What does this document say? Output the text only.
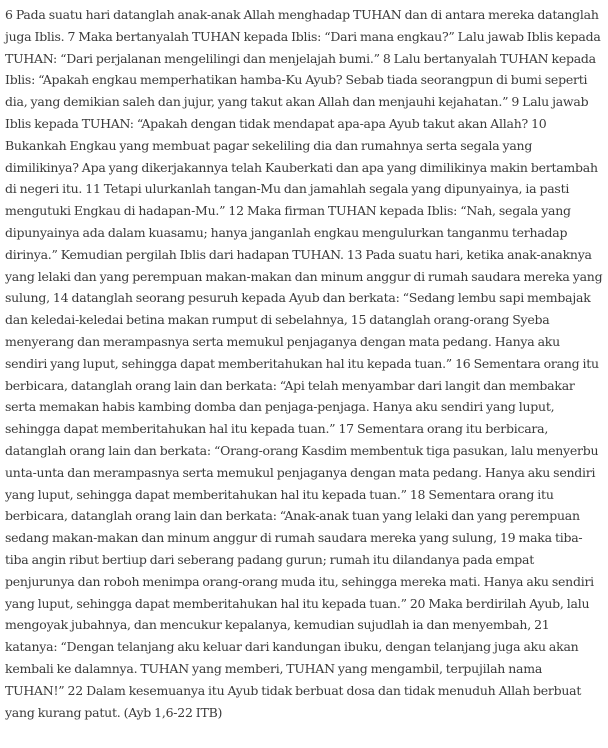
6 Pada suatu hari datanglah anak-anak Allah menghadap TUHAN dan di antara mereka datanglah juga Iblis. 7 Maka bertanyalah TUHAN kepada Iblis: “Dari mana engkau?” Lalu jawab Iblis kepada TUHAN: “Dari perjalanan mengelilingi dan menjelajah bumi.” 8 Lalu bertanyalah TUHAN kepada Iblis: “Apakah engkau memperhatikan hamba-Ku Ayub? Sebab tiada seorangpun di bumi seperti dia, yang demikian saleh dan jujur, yang takut akan Allah dan menjauhi kejahatan.” 9 Lalu jawab Iblis kepada TUHAN: “Apakah dengan tidak mendapat apa-apa Ayub takut akan Allah? 10 Bukankah Engkau yang membuat pagar sekeliling dia dan rumahnya serta segala yang dimilikinya? Apa yang dikerjakannya telah Kauberkati dan apa yang dimilikinya makin bertambah di negeri itu. 11 Tetapi ulurkanlah tangan-Mu dan jamahlah segala yang dipunyainya, ia pasti mengutuki Engkau di hadapan-Mu.” 12 Maka firman TUHAN kepada Iblis: “Nah, segala yang dipunyainya ada dalam kuasamu; hanya janganlah engkau mengulurkan tanganmu terhadap dirinya.” Kemudian pergilah Iblis dari hadapan TUHAN. 13 Pada suatu hari, ketika anak-anaknya yang lelaki dan yang perempuan makan-makan dan minum anggur di rumah saudara mereka yang sulung, 14 datanglah seorang pesuruh kepada Ayub dan berkata: “Sedang lembu sapi membajak dan keledai-keledai betina makan rumput di sebelahnya, 15 datanglah orang-orang Syeba menyerang dan merampasnya serta memukul penjaganya dengan mata pedang. Hanya aku sendiri yang luput, sehingga dapat memberitahukan hal itu kepada tuan.” 16 Sementara orang itu berbicara, datanglah orang lain dan berkata: “Api telah menyambar dari langit dan membakar serta memakan habis kambing domba dan penjaga-penjaga. Hanya aku sendiri yang luput, sehingga dapat memberitahukan hal itu kepada tuan.” 17 Sementara orang itu berbicara, datanglah orang lain dan berkata: “Orang-orang Kasdim membentuk tiga pasukan, lalu menyerbu unta-unta dan merampasnya serta memukul penjaganya dengan mata pedang. Hanya aku sendiri yang luput, sehingga dapat memberitahukan hal itu kepada tuan.” 18 Sementara orang itu berbicara, datanglah orang lain dan berkata: “Anak-anak tuan yang lelaki dan yang perempuan sedang makan-makan dan minum anggur di rumah saudara mereka yang sulung, 19 maka tiba-tiba angin ribut bertiup dari seberang padang gurun; rumah itu dilandanya pada empat penjurunya dan roboh menimpa orang-orang muda itu, sehingga mereka mati. Hanya aku sendiri yang luput, sehingga dapat memberitahukan hal itu kepada tuan.” 20 Maka berdirilah Ayub, lalu mengoyak jubahnya, dan mencukur kepalanya, kemudian sujudlah ia dan menyembah, 21 katanya: “Dengan telanjang aku keluar dari kandungan ibuku, dengan telanjang juga aku akan kembali ke dalamnya. TUHAN yang memberi, TUHAN yang mengambil, terpujilah nama TUHAN!” 22 Dalam kesemuanya itu Ayub tidak berbuat dosa dan tidak menuduh Allah berbuat yang kurang patut. (Ayb 1,6-22 ITB)
